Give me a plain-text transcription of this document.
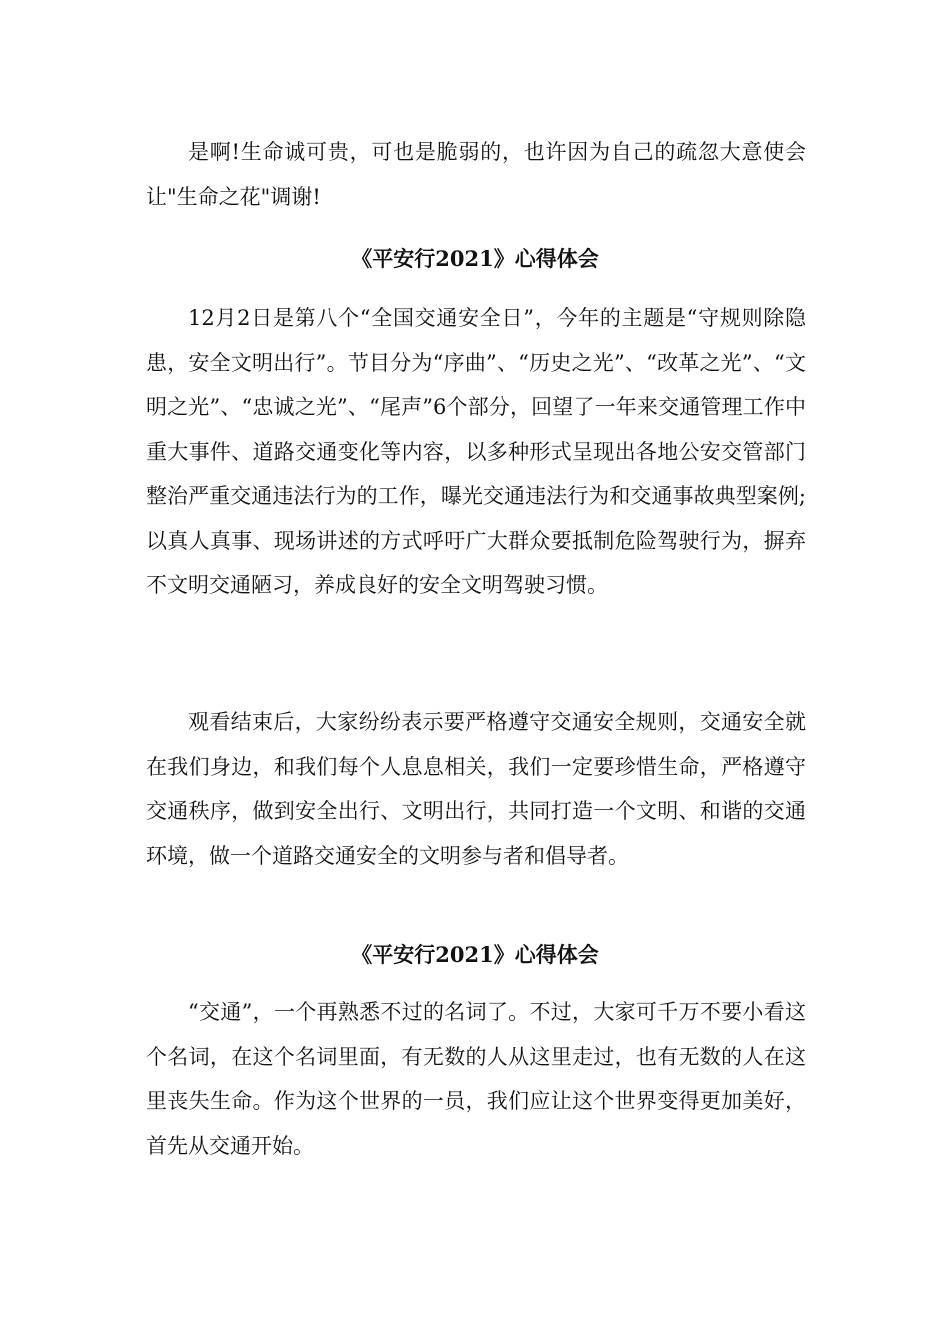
是啊!生命诚可贵，可也是脆弱的，也许因为自己的疏忽大意使会让"生命之花"调谢!

《平安行2021》心得体会

12月2日是第八个“全国交通安全日”，今年的主题是“守规则除隐患，安全文明出行”。节目分为“序曲”、“历史之光”、“改革之光”、“文明之光”、“忠诚之光”、“尾声”6个部分，回望了一年来交通管理工作中重大事件、道路交通变化等内容，以多种形式呈现出各地公安交管部门整治严重交通违法行为的工作，曝光交通违法行为和交通事故典型案例;以真人真事、现场讲述的方式呼吁广大群众要抵制危险驾驶行为，摒弃不文明交通陋习，养成良好的安全文明驾驶习惯。

观看结束后，大家纷纷表示要严格遵守交通安全规则，交通安全就在我们身边，和我们每个人息息相关，我们一定要珍惜生命，严格遵守交通秩序，做到安全出行、文明出行，共同打造一个文明、和谐的交通环境，做一个道路交通安全的文明参与者和倡导者。

《平安行2021》心得体会

“交通”，一个再熟悉不过的名词了。不过，大家可千万不要小看这个名词，在这个名词里面，有无数的人从这里走过，也有无数的人在这里丧失生命。作为这个世界的一员，我们应让这个世界变得更加美好，首先从交通开始。
